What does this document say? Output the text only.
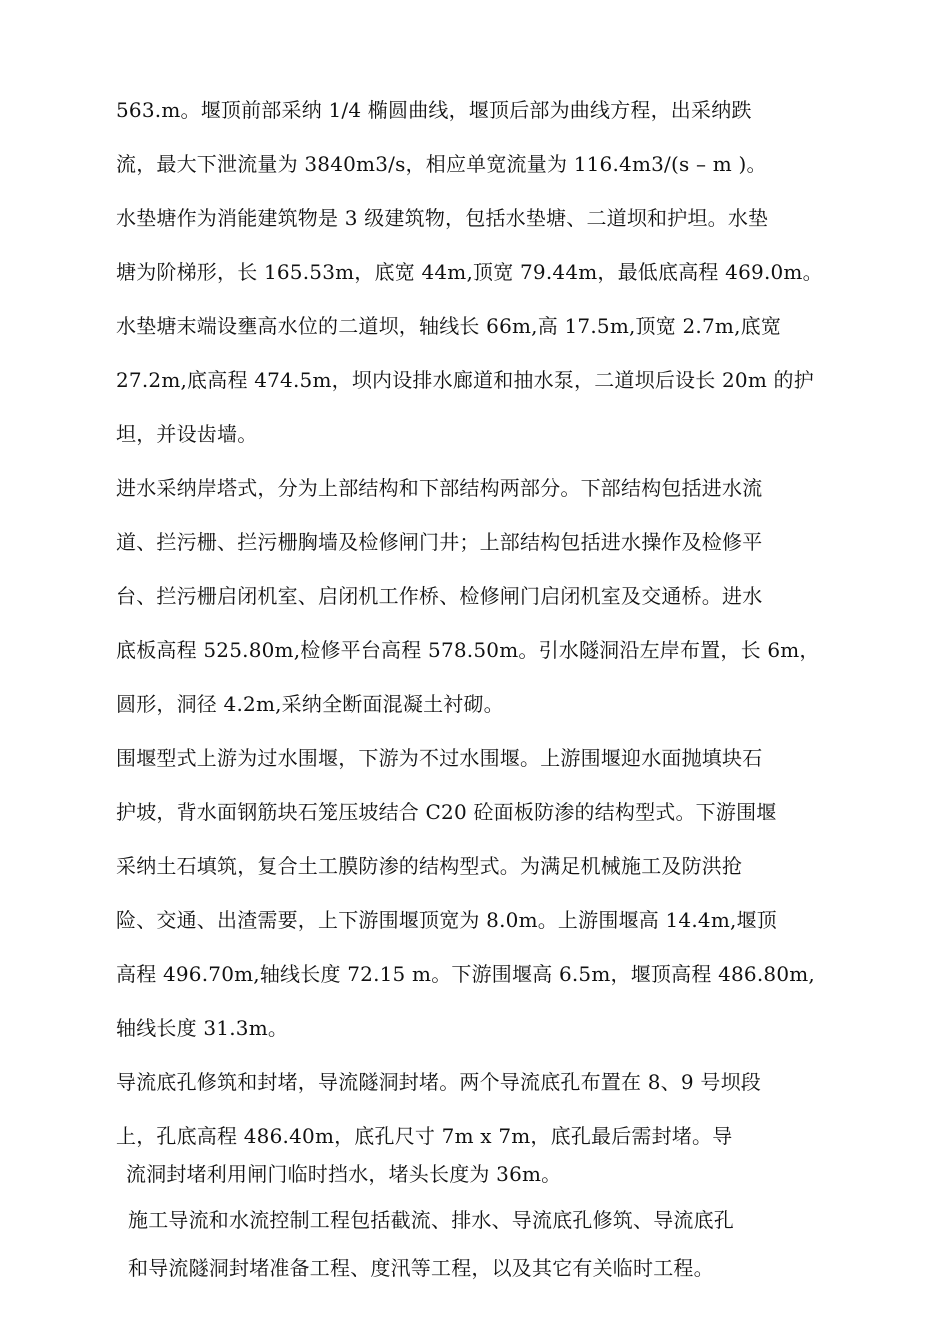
563.m。堰顶前部采纳 1/4 椭圆曲线，堰顶后部为曲线方程，出采纳跌
流，最大下泄流量为 3840m3/s，相应单宽流量为 116.4m3/(s – m )。
水垫塘作为消能建筑物是 3 级建筑物，包括水垫塘、二道坝和护坦。水垫
塘为阶梯形，长 165.53m，底宽 44m,顶宽 79.44m，最低底高程 469.0m。
水垫塘末端设壅高水位的二道坝，轴线长 66m,高 17.5m,顶宽 2.7m,底宽
27.2m,底高程 474.5m，坝内设排水廊道和抽水泵，二道坝后设长 20m 的护
坦，并设齿墙。
进水采纳岸塔式，分为上部结构和下部结构两部分。下部结构包括进水流
道、拦污栅、拦污栅胸墙及检修闸门井；上部结构包括进水操作及检修平
台、拦污栅启闭机室、启闭机工作桥、检修闸门启闭机室及交通桥。进水
底板高程 525.80m,检修平台高程 578.50m。引水隧洞沿左岸布置，长 6m，
圆形，洞径 4.2m,采纳全断面混凝土衬砌。
围堰型式上游为过水围堰，下游为不过水围堰。上游围堰迎水面抛填块石
护坡，背水面钢筋块石笼压坡结合 C20 砼面板防渗的结构型式。下游围堰
采纳土石填筑，复合土工膜防渗的结构型式。为满足机械施工及防洪抢
险、交通、出渣需要，上下游围堰顶宽为 8.0m。上游围堰高 14.4m,堰顶
高程 496.70m,轴线长度 72.15 m。下游围堰高 6.5m，堰顶高程 486.80m,
轴线长度 31.3m。
导流底孔修筑和封堵，导流隧洞封堵。两个导流底孔布置在 8、9 号坝段
上，孔底高程 486.40m，底孔尺寸 7m x 7m，底孔最后需封堵。导
流洞封堵利用闸门临时挡水，堵头长度为 36m。
施工导流和水流控制工程包括截流、排水、导流底孔修筑、导流底孔
和导流隧洞封堵准备工程、度汛等工程，以及其它有关临时工程。
